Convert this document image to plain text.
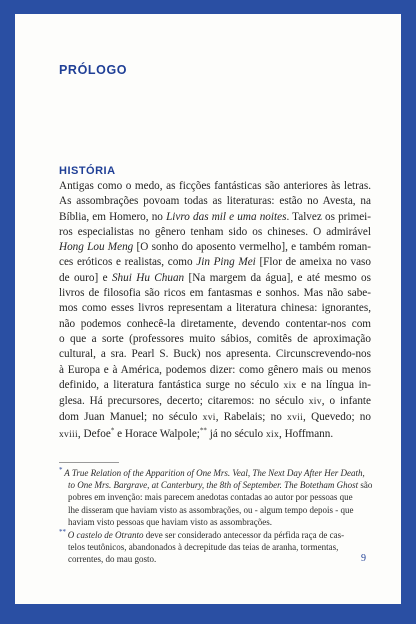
PRÓLOGO
HISTÓRIA
Antigas como o medo, as ficções fantásticas são anteriores às letras.
As assombrações povoam todas as literaturas: estão no Avesta, na
Bíblia, em Homero, no Livro das mil e uma noites. Talvez os primei-
ros especialistas no gênero tenham sido os chineses. O admirável
Hong Lou Meng [O sonho do aposento vermelho], e também roman-
ces eróticos e realistas, como Jin Ping Mei [Flor de ameixa no vaso
de ouro] e Shui Hu Chuan [Na margem da água], e até mesmo os
livros de filosofia são ricos em fantasmas e sonhos. Mas não sabe-
mos como esses livros representam a literatura chinesa: ignorantes,
não podemos conhecê-la diretamente, devendo contentar-nos com
o que a sorte (professores muito sábios, comitês de aproximação
cultural, a sra. Pearl S. Buck) nos apresenta. Circunscrevendo-nos
à Europa e à América, podemos dizer: como gênero mais ou menos
definido, a literatura fantástica surge no século xix e na língua in-
glesa. Há precursores, decerto; citaremos: no século xiv, o infante
dom Juan Manuel; no século xvi, Rabelais; no xvii, Quevedo; no
xviii, Defoe* e Horace Walpole;** já no século xix, Hoffmann.
* A True Relation of the Apparition of One Mrs. Veal, The Next Day After Her Death,
to One Mrs. Bargrave, at Canterbury, the 8th of September. The Botetham Ghost são
pobres em invenção: mais parecem anedotas contadas ao autor por pessoas que
lhe disseram que haviam visto as assombrações, ou - algum tempo depois - que
haviam visto pessoas que haviam visto as assombrações.
** O castelo de Otranto deve ser considerado antecessor da pérfida raça de cas-
telos teutônicos, abandonados à decrepitude das teias de aranha, tormentas,
correntes, do mau gosto.	9
